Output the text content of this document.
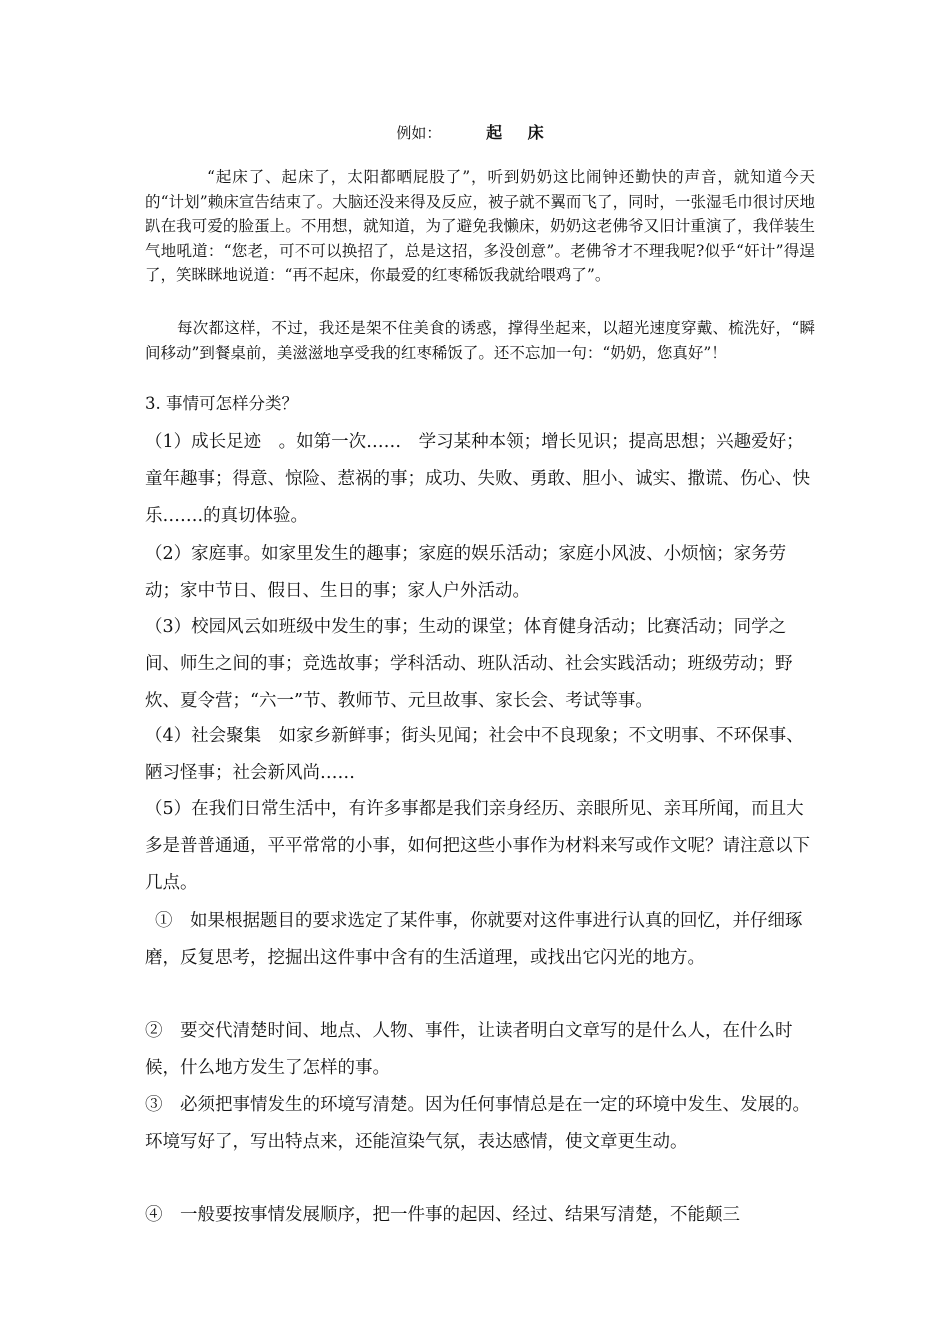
例如：	起 床

“起床了、起床了，太阳都晒屁股了”，听到奶奶这比闹钟还勤快的声音，就知道今天的“计划”赖床宣告结束了。大脑还没来得及反应，被子就不翼而飞了，同时，一张湿毛巾很讨厌地趴在我可爱的脸蛋上。不用想，就知道，为了避免我懒床，奶奶这老佛爷又旧计重演了，我佯装生气地吼道：“您老，可不可以换招了，总是这招，多没创意”。老佛爷才不理我呢?似乎“奸计”得逞了，笑眯眯地说道：“再不起床，你最爱的红枣稀饭我就给喂鸡了”。

每次都这样，不过，我还是架不住美食的诱惑，撑得坐起来，以超光速度穿戴、梳洗好，“瞬间移动”到餐桌前，美滋滋地享受我的红枣稀饭了。还不忘加一句：“奶奶，您真好”！

3. 事情可怎样分类？

（1）成长足迹　。如第一次……　学习某种本领；增长见识；提高思想；兴趣爱好；童年趣事；得意、惊险、惹祸的事；成功、失败、勇敢、胆小、诚实、撒谎、伤心、快乐…….的真切体验。

（2）家庭事。如家里发生的趣事；家庭的娱乐活动；家庭小风波、小烦恼；家务劳动；家中节日、假日、生日的事；家人户外活动。

（3）校园风云如班级中发生的事；生动的课堂；体育健身活动；比赛活动；同学之间、师生之间的事；竞选故事；学科活动、班队活动、社会实践活动；班级劳动；野炊、夏令营；“六一”节、教师节、元旦故事、家长会、考试等事。

（4）社会聚集　如家乡新鲜事；街头见闻；社会中不良现象；不文明事、不环保事、陋习怪事；社会新风尚……

（5）在我们日常生活中，有许多事都是我们亲身经历、亲眼所见、亲耳所闻，而且大多是普普通通，平平常常的小事，如何把这些小事作为材料来写或作文呢？请注意以下几点。

①　如果根据题目的要求选定了某件事，你就要对这件事进行认真的回忆，并仔细琢磨，反复思考，挖掘出这件事中含有的生活道理，或找出它闪光的地方。

②　要交代清楚时间、地点、人物、事件，让读者明白文章写的是什么人，在什么时候，什么地方发生了怎样的事。

③　必须把事情发生的环境写清楚。因为任何事情总是在一定的环境中发生、发展的。环境写好了，写出特点来，还能渲染气氛，表达感情，使文章更生动。

④　一般要按事情发展顺序，把一件事的起因、经过、结果写清楚，不能颠三
